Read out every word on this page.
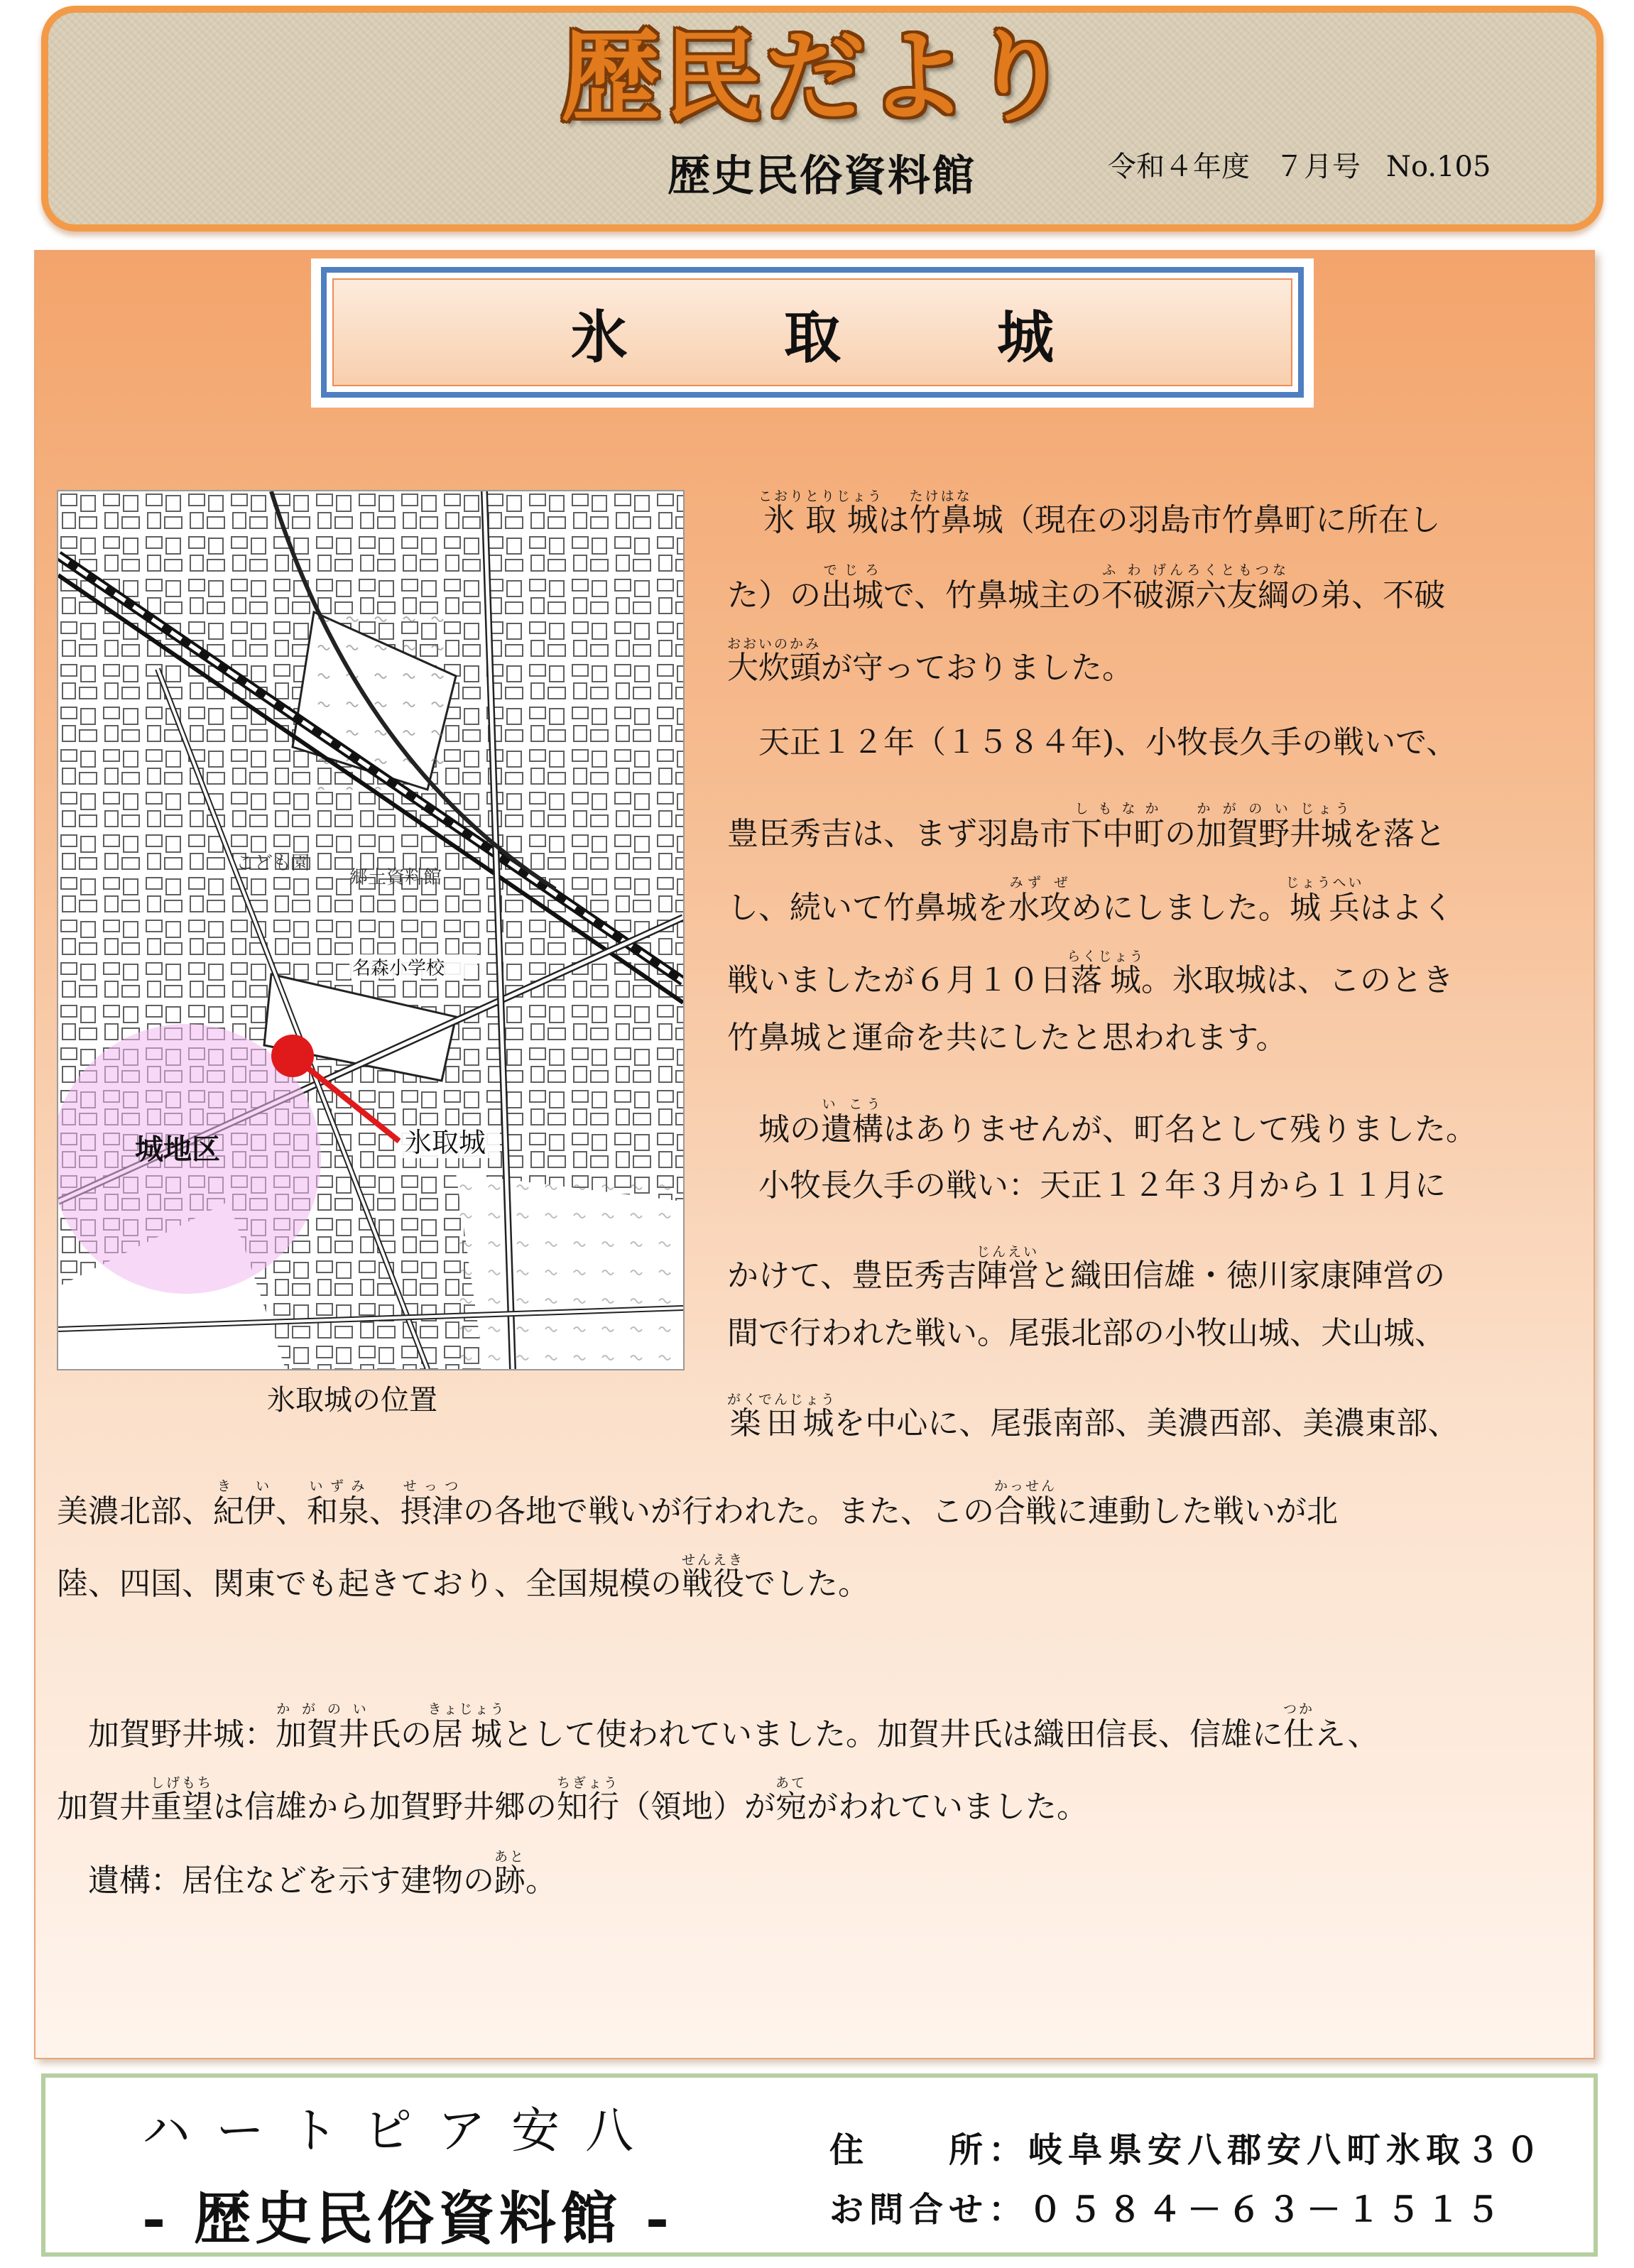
歴民だより
歴史民俗資料館	令和４年度 ７月号 No.105
氷　取　城
氷取城
城地区
名森小学校
郷土資料館
こども園
氷取城の位置
氷取城こおりとりじょうは竹鼻たけはな城（現在の羽島市竹鼻町に所在し
た）の出城でじろで、竹鼻城主の不破源六友綱ふ わ げんろくともつなの弟、不破
大炊頭おおいのかみが守っておりました。
天正１２年（１５８４年)、小牧長久手の戦いで、
豊臣秀吉は、まず羽島市下中町しもなかの加賀野井城か が の い じょうを落と
し、続いて竹鼻城を水攻みず ぜめにしました。城兵じょうへいはよく
戦いましたが６月１０日落城らくじょう。氷取城は、このとき
竹鼻城と運命を共にしたと思われます。
城の遺構い こうはありませんが、町名として残りました。
小牧長久手の戦い：天正１２年３月から１１月に
かけて、豊臣秀吉陣営じんえいと織田信雄・徳川家康陣営の
間で行われた戦い。尾張北部の小牧山城、犬山城、
楽田城がくでんじょうを中心に、尾張南部、美濃西部、美濃東部、
美濃北部、紀伊き い、和泉いずみ、摂津せっつの各地で戦いが行われた。また、この合戦かっせんに連動した戦いが北
陸、四国、関東でも起きており、全国規模の戦役せんえきでした。
加賀野井城：加賀井か が の い氏の居城きょじょうとして使われていました。加賀井氏は織田信長、信雄に仕つかえ、
加賀井重望しげもちは信雄から加賀野井郷の知行ちぎょう（領地）が宛あてがわれていました。
遺構：居住などを示す建物の跡あと。
ハートピア安八
- 歴史民俗資料館 -
住　　所：岐阜県安八郡安八町氷取３０
お問合せ：０５８４－６３－１５１５
